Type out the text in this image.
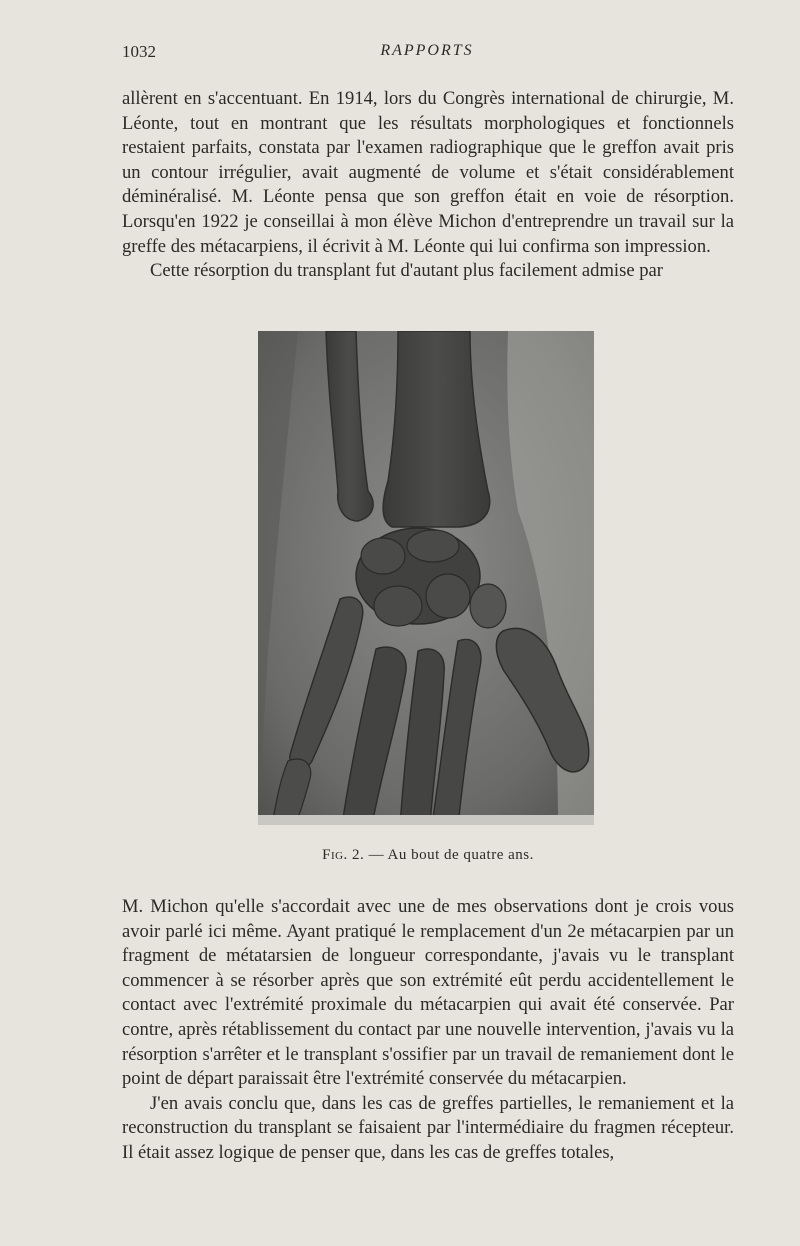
1032	RAPPORTS

allèrent en s'accentuant. En 1914, lors du Congrès international de chirurgie, M. Léonte, tout en montrant que les résultats morphologiques et fonctionnels restaient parfaits, constata par l'examen radiographique que le greffon avait pris un contour irrégulier, avait augmenté de volume et s'était considérablement déminéralisé. M. Léonte pensa que son greffon était en voie de résorption. Lorsqu'en 1922 je conseillai à mon élève Michon d'entreprendre un travail sur la greffe des métacarpiens, il écrivit à M. Léonte qui lui confirma son impression.

Cette résorption du transplant fut d'autant plus facilement admise par

Fig. 2. — Au bout de quatre ans.

M. Michon qu'elle s'accordait avec une de mes observations dont je crois vous avoir parlé ici même. Ayant pratiqué le remplacement d'un 2e métacarpien par un fragment de métatarsien de longueur correspondante, j'avais vu le transplant commencer à se résorber après que son extrémité eût perdu accidentellement le contact avec l'extrémité proximale du métacarpien qui avait été conservée. Par contre, après rétablissement du contact par une nouvelle intervention, j'avais vu la résorption s'arrêter et le transplant s'ossifier par un travail de remaniement dont le point de départ paraissait être l'extrémité conservée du métacarpien.

J'en avais conclu que, dans les cas de greffes partielles, le remaniement et la reconstruction du transplant se faisaient par l'intermédiaire du fragmen récepteur. Il était assez logique de penser que, dans les cas de greffes totales,
